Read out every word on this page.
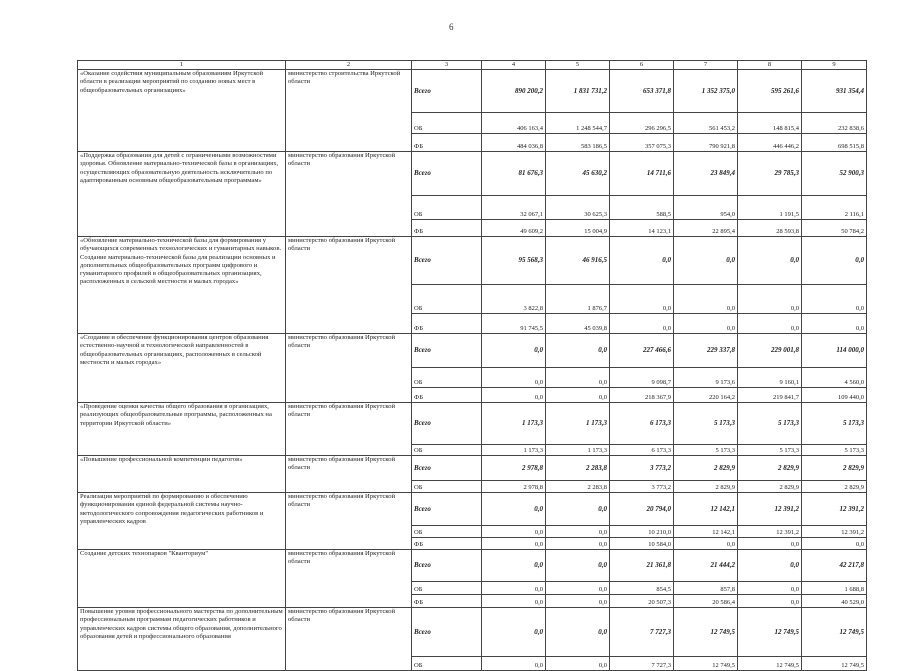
6
1	2	3	4	5	6	7	8	9
«Оказание содействия муниципальным образованиям Иркутской области в реализации мероприятий по созданию новых мест в общеобразовательных организациях»	министерство строительства Иркутской области	Всего	890 200,2	1 831 731,2	653 371,8	1 352 375,0	595 261,6	931 354,4
		ОБ	406 163,4	1 248 544,7	296 296,5	561 453,2	148 815,4	232 838,6
		ФБ	484 036,8	583 186,5	357 075,3	790 921,8	446 446,2	698 515,8
«Поддержка образования для детей с ограниченными возможностями здоровья. Обновление материально-технической базы в организациях, осуществляющих образовательную деятельность исключительно по адаптированным основным общеобразовательным программам»	министерство образования Иркутской области	Всего	81 676,3	45 630,2	14 711,6	23 849,4	29 785,3	52 900,3
		ОБ	32 067,1	30 625,3	588,5	954,0	1 191,5	2 116,1
		ФБ	49 609,2	15 004,9	14 123,1	22 895,4	28 593,8	50 784,2
«Обновление материально-технической базы для формирования у обучающихся современных технологических и гуманитарных навыков. Создание материально-технической базы для реализации основных и дополнительных общеобразовательных программ цифрового и гуманитарного профилей в общеобразовательных организациях, расположенных в сельской местности и малых городах»	министерство образования Иркутской области	Всего	95 568,3	46 916,5	0,0	0,0	0,0	0,0
		ОБ	3 822,8	1 876,7	0,0	0,0	0,0	0,0
		ФБ	91 745,5	45 039,8	0,0	0,0	0,0	0,0
«Создание и обеспечение функционирования центров образования естественно-научной и технологической направленностей в общеобразовательных организациях, расположенных в сельской местности и малых городах»	министерство образования Иркутской области	Всего	0,0	0,0	227 466,6	229 337,8	229 001,8	114 000,0
		ОБ	0,0	0,0	9 098,7	9 173,6	9 160,1	4 560,0
		ФБ	0,0	0,0	218 367,9	220 164,2	219 841,7	109 440,0
«Проведение оценки качества общего образования в организациях, реализующих общеобразовательные программы, расположенных на территории Иркутской области»	министерство образования Иркутской области	Всего	1 173,3	1 173,3	6 173,3	5 173,3	5 173,3	5 173,3
		ОБ	1 173,3	1 173,3	6 173,3	5 173,3	5 173,3	5 173,3
«Повышение профессиональной компетенции педагогов»	министерство образования Иркутской области	Всего	2 978,8	2 283,8	3 773,2	2 829,9	2 829,9	2 829,9
		ОБ	2 978,8	2 283,8	3 773,2	2 829,9	2 829,9	2 829,9
Реализация мероприятий по формированию и обеспечению функционирования единой федеральной системы научно-методологического сопровождения педагогических работников и управленческих кадров	министерство образования Иркутской области	Всего	0,0	0,0	20 794,0	12 142,1	12 391,2	12 391,2
		ОБ	0,0	0,0	10 210,0	12 142,1	12 391,2	12 391,2
		ФБ	0,0	0,0	10 584,0	0,0	0,0	0,0
Создание детских технопарков "Кванториум"	министерство образования Иркутской области	Всего	0,0	0,0	21 361,8	21 444,2	0,0	42 217,8
		ОБ	0,0	0,0	854,5	857,8	0,0	1 688,8
		ФБ	0,0	0,0	20 507,3	20 586,4	0,0	40 529,0
Повышение уровня профессионального мастерства по дополнительным профессиональным программам педагогических работников и управленческих кадров системы общего образования, дополнительного образования детей и профессионального образования	министерство образования Иркутской области	Всего	0,0	0,0	7 727,3	12 749,5	12 749,5	12 749,5
		ОБ	0,0	0,0	7 727,3	12 749,5	12 749,5	12 749,5
